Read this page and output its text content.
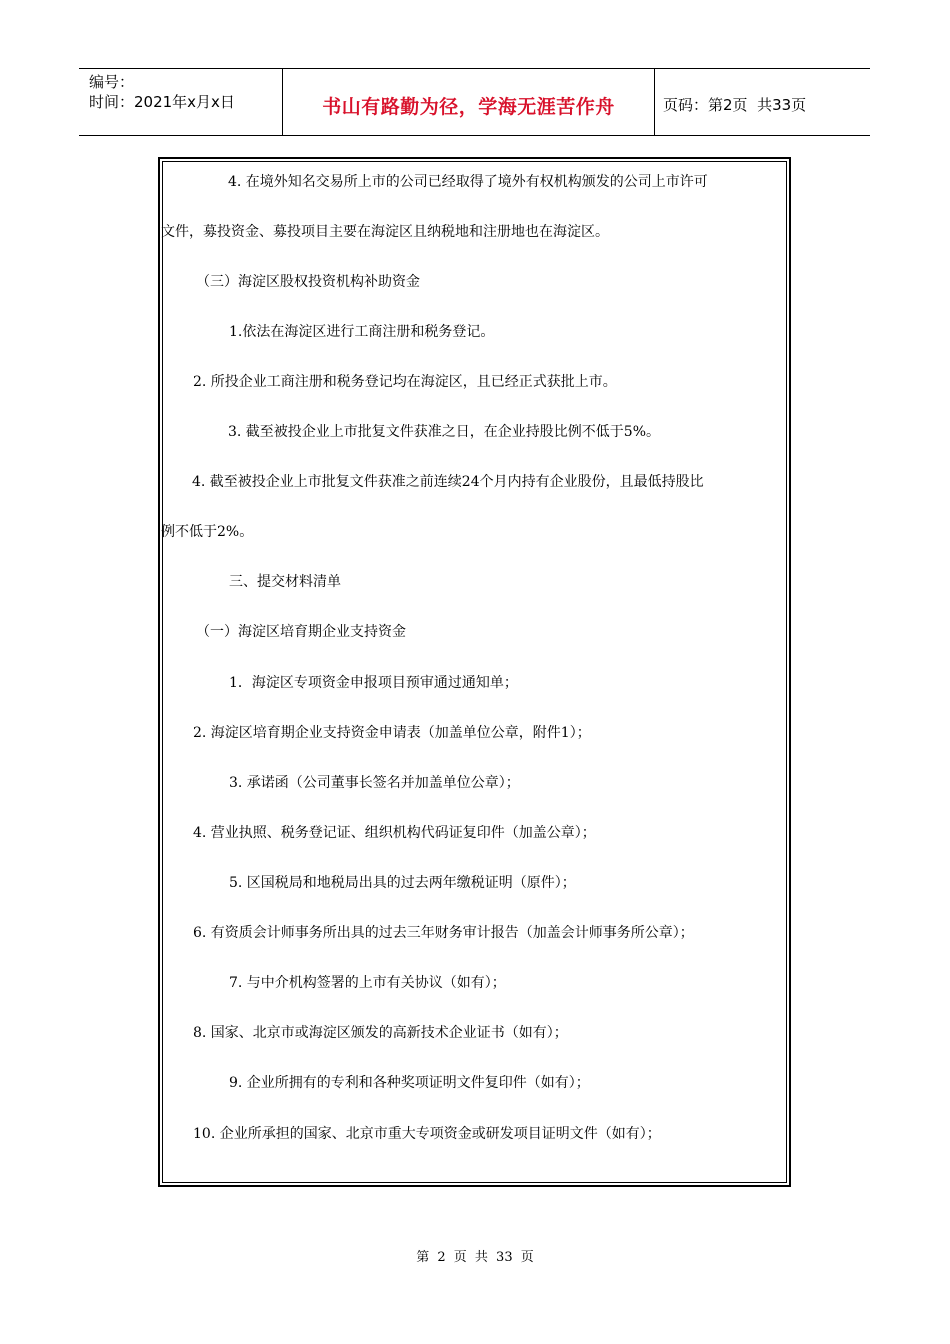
编号：
时间：2021年x月x日	书山有路勤为径，学海无涯苦作舟	页码：第2页  共33页
4. 在境外知名交易所上市的公司已经取得了境外有权机构颁发的公司上市许可
文件，募投资金、募投项目主要在海淀区且纳税地和注册地也在海淀区。
（三）海淀区股权投资机构补助资金
1.依法在海淀区进行工商注册和税务登记。
2. 所投企业工商注册和税务登记均在海淀区，且已经正式获批上市。
3. 截至被投企业上市批复文件获准之日，在企业持股比例不低于5%。
4. 截至被投企业上市批复文件获准之前连续24个月内持有企业股份，且最低持股比
例不低于2%。
三、提交材料清单
（一）海淀区培育期企业支持资金
1．海淀区专项资金申报项目预审通过通知单；
2. 海淀区培育期企业支持资金申请表（加盖单位公章，附件1）；
3. 承诺函（公司董事长签名并加盖单位公章）；
4. 营业执照、税务登记证、组织机构代码证复印件（加盖公章）；
5. 区国税局和地税局出具的过去两年缴税证明（原件）；
6. 有资质会计师事务所出具的过去三年财务审计报告（加盖会计师事务所公章）；
7. 与中介机构签署的上市有关协议（如有）；
8. 国家、北京市或海淀区颁发的高新技术企业证书（如有）；
9. 企业所拥有的专利和各种奖项证明文件复印件（如有）；
10. 企业所承担的国家、北京市重大专项资金或研发项目证明文件（如有）；
第 2 页 共 33 页
